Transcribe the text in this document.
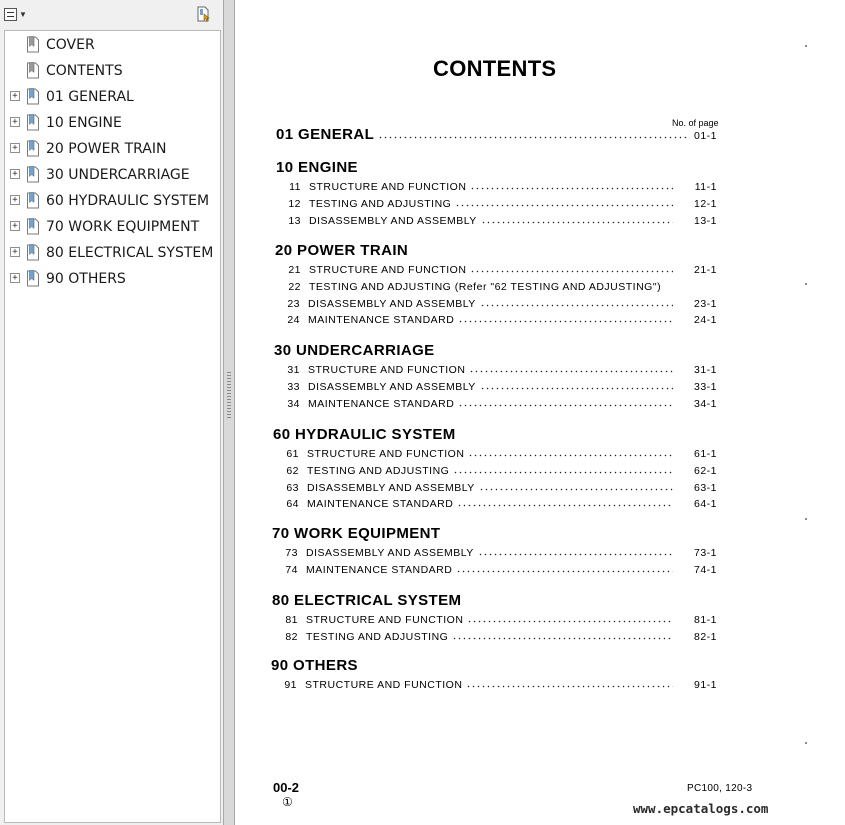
▼
COVER
CONTENTS
+ 01 GENERAL
+ 10 ENGINE
+ 20 POWER TRAIN
+ 30 UNDERCARRIAGE
+ 60 HYDRAULIC SYSTEM
+ 70 WORK EQUIPMENT
+ 80 ELECTRICAL SYSTEM
+ 90 OTHERS
CONTENTS
No. of page
01 GENERAL	01-1
10 ENGINE
11 STRUCTURE AND FUNCTION	11-1
12 TESTING AND ADJUSTING	12-1
13 DISASSEMBLY AND ASSEMBLY	13-1
20 POWER TRAIN
21 STRUCTURE AND FUNCTION	21-1
22 TESTING AND ADJUSTING (Refer "62 TESTING AND ADJUSTING")
23 DISASSEMBLY AND ASSEMBLY	23-1
24 MAINTENANCE STANDARD	24-1
30 UNDERCARRIAGE
31 STRUCTURE AND FUNCTION	31-1
33 DISASSEMBLY AND ASSEMBLY	33-1
34 MAINTENANCE STANDARD	34-1
60 HYDRAULIC SYSTEM
61 STRUCTURE AND FUNCTION	61-1
62 TESTING AND ADJUSTING	62-1
63 DISASSEMBLY AND ASSEMBLY	63-1
64 MAINTENANCE STANDARD	64-1
70 WORK EQUIPMENT
73 DISASSEMBLY AND ASSEMBLY	73-1
74 MAINTENANCE STANDARD	74-1
80 ELECTRICAL SYSTEM
81 STRUCTURE AND FUNCTION	81-1
82 TESTING AND ADJUSTING	82-1
90 OTHERS
91 STRUCTURE AND FUNCTION	91-1
00-2
①
PC100, 120-3
www.epcatalogs.com
